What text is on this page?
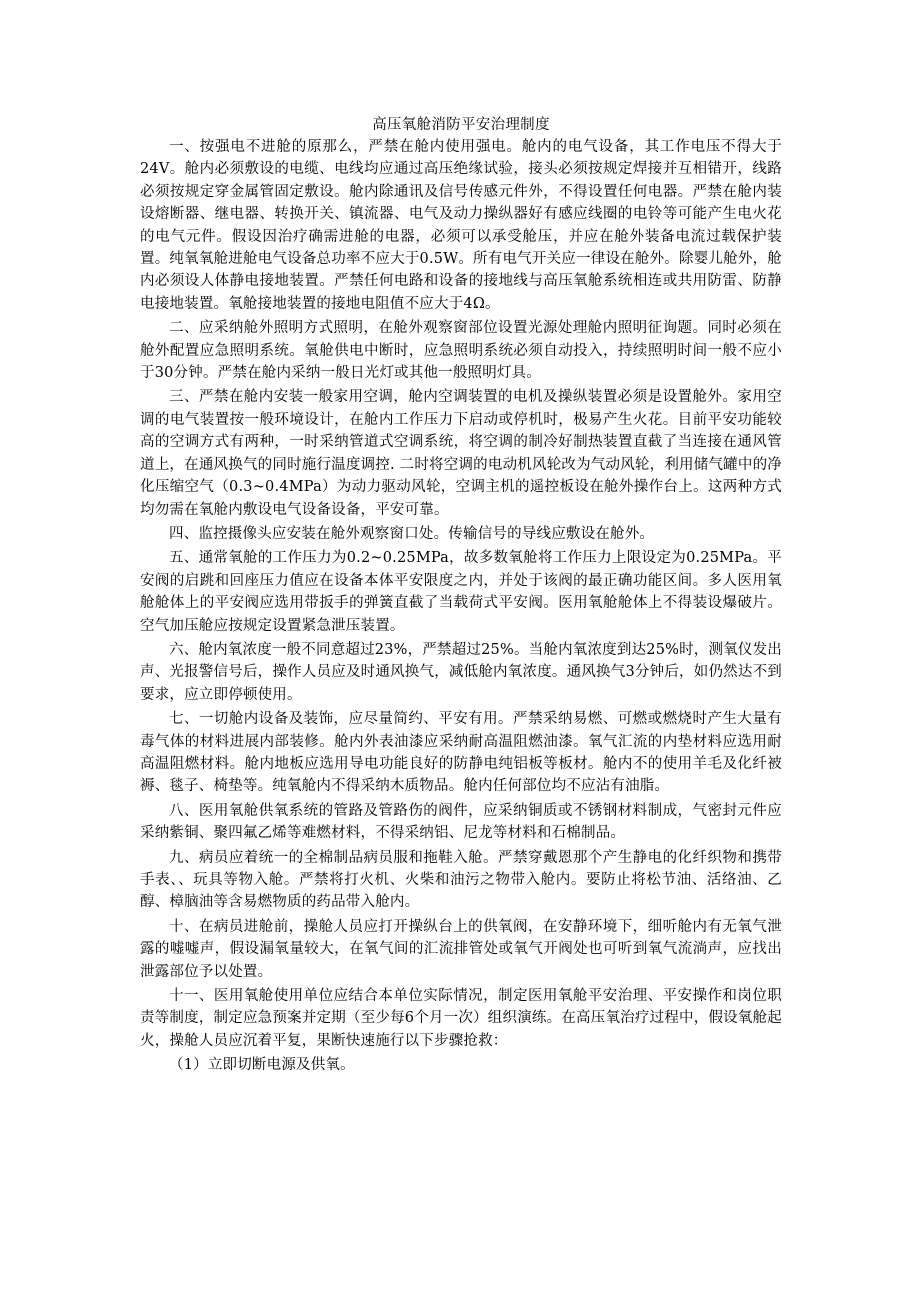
高压氧舱消防平安治理制度

一、按强电不进舱的原那么，严禁在舱内使用强电。舱内的电气设备，其工作电压不得大于24V。舱内必须敷设的电缆、电线均应通过高压绝缘试验，接头必须按规定焊接并互相错开，线路必须按规定穿金属管固定敷设。舱内除通讯及信号传感元件外，不得设置任何电器。严禁在舱内装设熔断器、继电器、转换开关、镇流器、电气及动力操纵器好有感应线圈的电铃等可能产生电火花的电气元件。假设因治疗确需进舱的电器，必须可以承受舱压，并应在舱外装备电流过载保护装置。纯氧氧舱进舱电气设备总功率不应大于0.5W。所有电气开关应一律设在舱外。除婴儿舱外，舱内必须设人体静电接地装置。严禁任何电路和设备的接地线与高压氧舱系统相连或共用防雷、防静电接地装置。氧舱接地装置的接地电阻值不应大于4Ω。

二、应采纳舱外照明方式照明，在舱外观察窗部位设置光源处理舱内照明征询题。同时必须在舱外配置应急照明系统。氧舱供电中断时，应急照明系统必须自动投入，持续照明时间一般不应小于30分钟。严禁在舱内采纳一般日光灯或其他一般照明灯具。

三、严禁在舱内安装一般家用空调，舱内空调装置的电机及操纵装置必须是设置舱外。家用空调的电气装置按一般环境设计，在舱内工作压力下启动或停机时，极易产生火花。目前平安功能较高的空调方式有两种，一时采纳管道式空调系统，将空调的制冷好制热装置直截了当连接在通风管道上，在通风换气的同时施行温度调控. 二时将空调的电动机风轮改为气动风轮，利用储气罐中的净化压缩空气（0.3~0.4MPa）为动力驱动风轮，空调主机的遥控板设在舱外操作台上。这两种方式均勿需在氧舱内敷设电气设备设备，平安可靠。

四、监控摄像头应安装在舱外观察窗口处。传输信号的导线应敷设在舱外。

五、通常氧舱的工作压力为0.2~0.25MPa，故多数氧舱将工作压力上限设定为0.25MPa。平安阀的启跳和回座压力值应在设备本体平安限度之内，并处于该阀的最正确功能区间。多人医用氧舱舱体上的平安阀应选用带扳手的弹簧直截了当载荷式平安阀。医用氧舱舱体上不得装设爆破片。空气加压舱应按规定设置紧急泄压装置。

六、舱内氧浓度一般不同意超过23%，严禁超过25%。当舱内氧浓度到达25%时，测氧仪发出声、光报警信号后，操作人员应及时通风换气，减低舱内氧浓度。通风换气3分钟后，如仍然达不到要求，应立即停顿使用。

七、一切舱内设备及装饰，应尽量简约、平安有用。严禁采纳易燃、可燃或燃烧时产生大量有毒气体的材料进展内部装修。舱内外表油漆应采纳耐高温阻燃油漆。氧气汇流的内垫材料应选用耐高温阻燃材料。舱内地板应选用导电功能良好的防静电纯铝板等板材。舱内不的使用羊毛及化纤被褥、毯子、椅垫等。纯氧舱内不得采纳木质物品。舱内任何部位均不应沾有油脂。

八、医用氧舱供氧系统的管路及管路伤的阀件，应采纳铜质或不锈钢材料制成，气密封元件应采纳紫铜、聚四氟乙烯等难燃材料，不得采纳铝、尼龙等材料和石棉制品。

九、病员应着统一的全棉制品病员服和拖鞋入舱。严禁穿戴恩那个产生静电的化纤织物和携带手表、、玩具等物入舱。严禁将打火机、火柴和油污之物带入舱内。要防止将松节油、活络油、乙醇、樟脑油等含易燃物质的药品带入舱内。

十、在病员进舱前，操舱人员应打开操纵台上的供氧阀，在安静环境下，细听舱内有无氧气泄露的嘘嘘声，假设漏氧量较大，在氧气间的汇流排管处或氧气开阀处也可听到氧气流淌声，应找出泄露部位予以处置。

十一、医用氧舱使用单位应结合本单位实际情况，制定医用氧舱平安治理、平安操作和岗位职责等制度，制定应急预案并定期（至少每6个月一次）组织演练。在高压氧治疗过程中，假设氧舱起火，操舱人员应沉着平复，果断快速施行以下步骤抢救：

（1）立即切断电源及供氧。
